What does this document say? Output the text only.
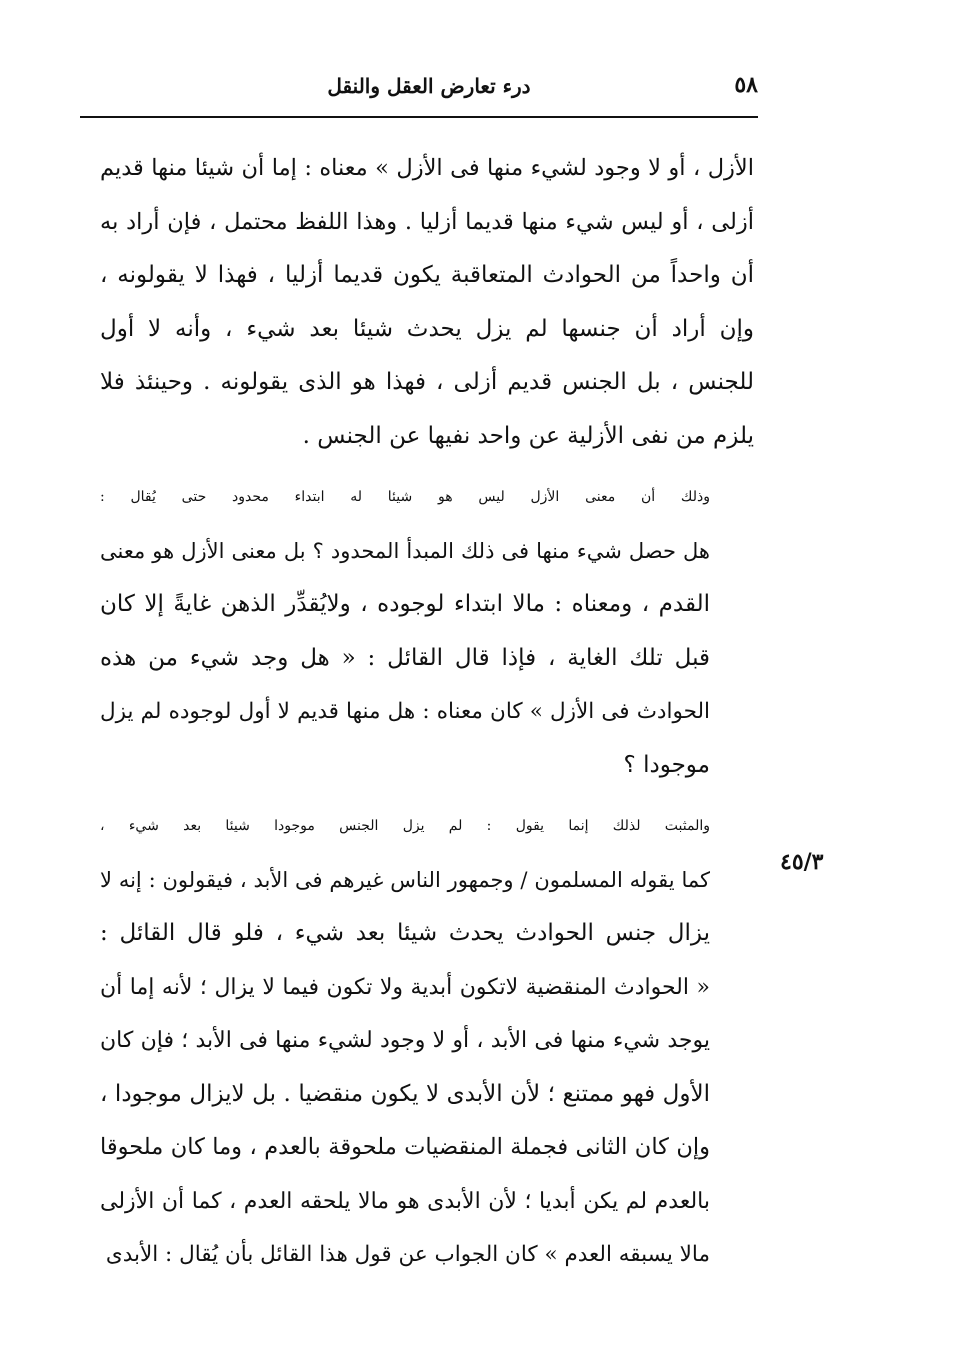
٥٨
درء تعارض العقل والنقل
٤٥/٣
الأزل ، أو لا وجود لشيء منها فى الأزل » معناه : إما أن شيئا منها قديم
أزلى ، أو ليس شيء منها قديما أزليا . وهذا اللفظ محتمل ، فإن أراد به
أن واحداً من الحوادث المتعاقبة يكون قديما أزليا ، فهذا لا يقولونه ،
وإن أراد أن جنسها لم يزل يحدث شيئا بعد شيء ، وأنه لا أول
للجنس ، بل الجنس قديم أزلى ، فهذا هو الذى يقولونه . وحينئذ فلا
يلزم من نفى الأزلية عن واحد نفيها عن الجنس .
وذلك أن معنى الأزل ليس هو شيئا له ابتداء محدود حتى يُقال :
هل حصل شيء منها فى ذلك المبدأ المحدود ؟ بل معنى الأزل هو معنى
القدم ، ومعناه : مالا ابتداء لوجوده ، ولايُقدِّر الذهن غايةً إلا كان
قبل تلك الغاية ، فإذا قال القائل : « هل وجد شيء من هذه
الحوادث فى الأزل » كان معناه : هل منها قديم لا أول لوجوده لم يزل
موجودا ؟
والمثبت لذلك إنما يقول : لم يزل الجنس موجودا شيئا بعد شيء ،
كما يقوله المسلمون / وجمهور الناس غيرهم فى الأبد ، فيقولون : إنه لا
يزال جنس الحوادث يحدث شيئا بعد شيء ، فلو قال القائل :
« الحوادث المنقضية لاتكون أبدية ولا تكون فيما لا يزال ؛ لأنه إما أن
يوجد شيء منها فى الأبد ، أو لا وجود لشيء منها فى الأبد ؛ فإن كان
الأول فهو ممتنع ؛ لأن الأبدى لا يكون منقضيا . بل لايزال موجودا ،
وإن كان الثانى فجملة المنقضيات ملحوقة بالعدم ، وما كان ملحوقا
بالعدم لم يكن أبديا ؛ لأن الأبدى هو مالا يلحقه العدم ، كما أن الأزلى
مالا يسبقه العدم » كان الجواب عن قول هذا القائل بأن يُقال : الأبدى
